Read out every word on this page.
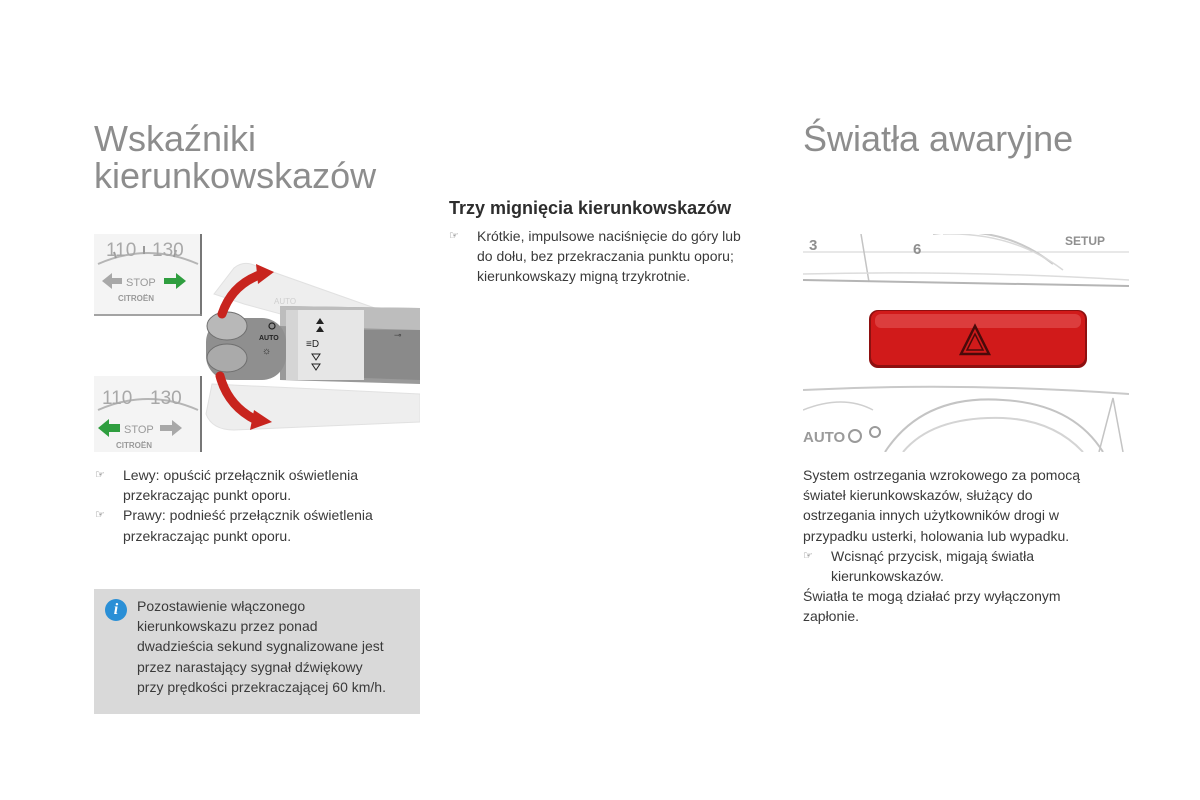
Wskaźniki
kierunkowskazów
110 130
STOP
CITROËN
110 130
STOP
CITROËN
AUTO
AUTO
☼
≡D
⊸
☞ Lewy: opuścić przełącznik oświetlenia przekraczając punkt oporu.
☞ Prawy: podnieść przełącznik oświetlenia przekraczając punkt oporu.
i	Pozostawienie włączonego
kierunkowskazu przez ponad
dwadzieścia sekund sygnalizowane jest
przez narastający sygnał dźwiękowy
przy prędkości przekraczającej 60 km/h.
Trzy mignięcia kierunkowskazów
☞ Krótkie, impulsowe naciśnięcie do góry lub
do dołu, bez przekraczania punktu oporu;
kierunkowskazy migną trzykrotnie.
Światła awaryjne
3	6	SETUP
AUTO
System ostrzegania wzrokowego za pomocą
świateł kierunkowskazów, służący do
ostrzegania innych użytkowników drogi w
przypadku usterki, holowania lub wypadku.
☞ Wcisnąć przycisk, migają światła
kierunkowskazów.
Światła te mogą działać przy wyłączonym
zapłonie.
